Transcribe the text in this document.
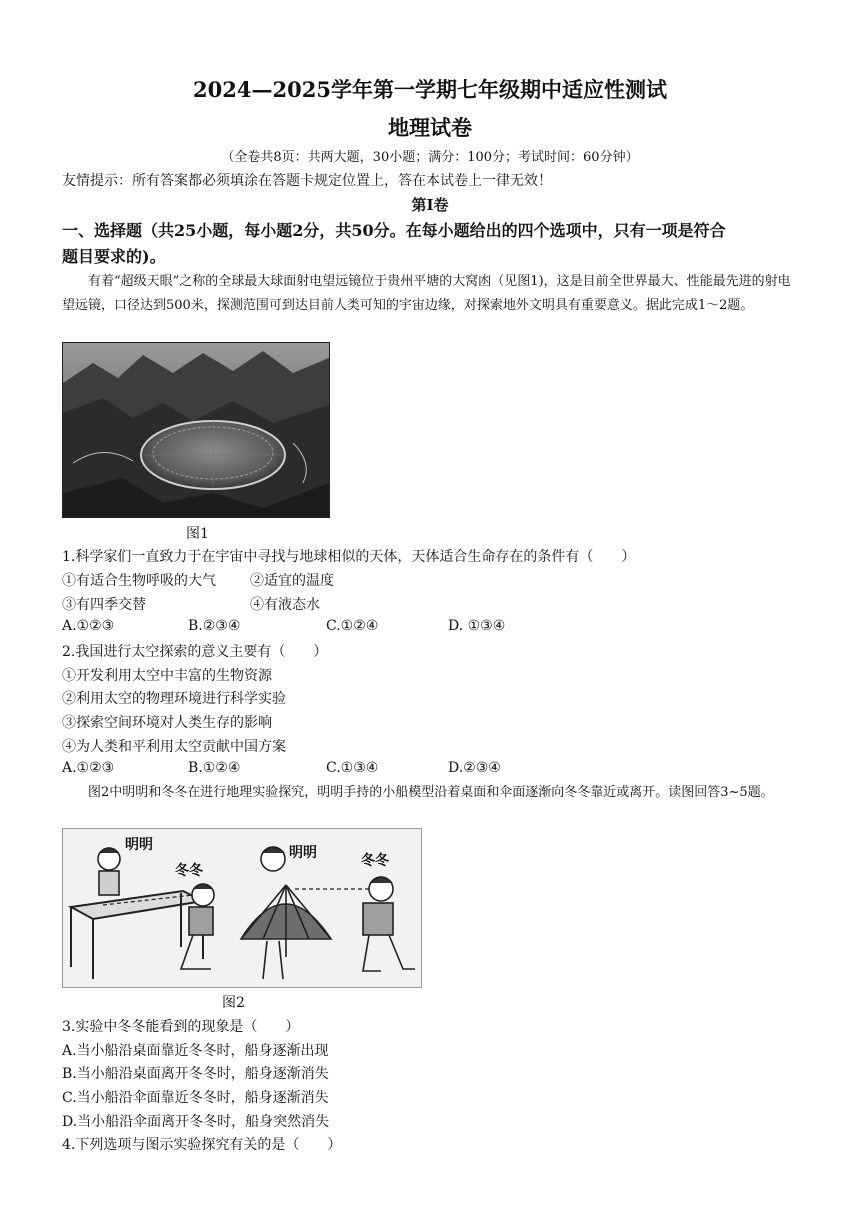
2024—2025学年第一学期七年级期中适应性测试
地理试卷
（全卷共8页：共两大题，30小题；满分：100分；考试时间：60分钟）
友情提示：所有答案都必须填涂在答题卡规定位置上，答在本试卷上一律无效！
第Ⅰ卷
一、选择题（共25小题，每小题2分，共50分。在每小题给出的四个选项中，只有一项是符合
题目要求的)。
有着“超级天眼”之称的全球最大球面射电望远镜位于贵州平塘的大窝凼（见图1)，这是目前全世界最大、性能最先进的射电望远镜，口径达到500米，探测范围可到达目前人类可知的宇宙边缘，对探索地外文明具有重要意义。据此完成1～2题。
图1
1.科学家们一直致力于在宇宙中寻找与地球相似的天体，天体适合生命存在的条件有（　　）
①有适合生物呼吸的大气 ②适宜的温度
③有四季交替	④有液态水
A.①②③	B.②③④	C.①②④	D. ①③④
2.我国进行太空探索的意义主要有（　　）
①开发利用太空中丰富的生物资源
②利用太空的物理环境进行科学实验
③探索空间环境对人类生存的影响
④为人类和平利用太空贡献中国方案
A.①②③	B.①②④	C.①③④	D.②③④
图2中明明和冬冬在进行地理实验探究，明明手持的小船模型沿着桌面和伞面逐渐向冬冬靠近或离开。读图回答3~5题。
明明
冬冬
明明	冬冬
图2
3.实验中冬冬能看到的现象是（　　）
A.当小船沿桌面靠近冬冬时，船身逐渐出现
B.当小船沿桌面离开冬冬时，船身逐渐消失
C.当小船沿伞面靠近冬冬时，船身逐渐消失
D.当小船沿伞面离开冬冬时，船身突然消失
4.下列选项与图示实验探究有关的是（　　）
